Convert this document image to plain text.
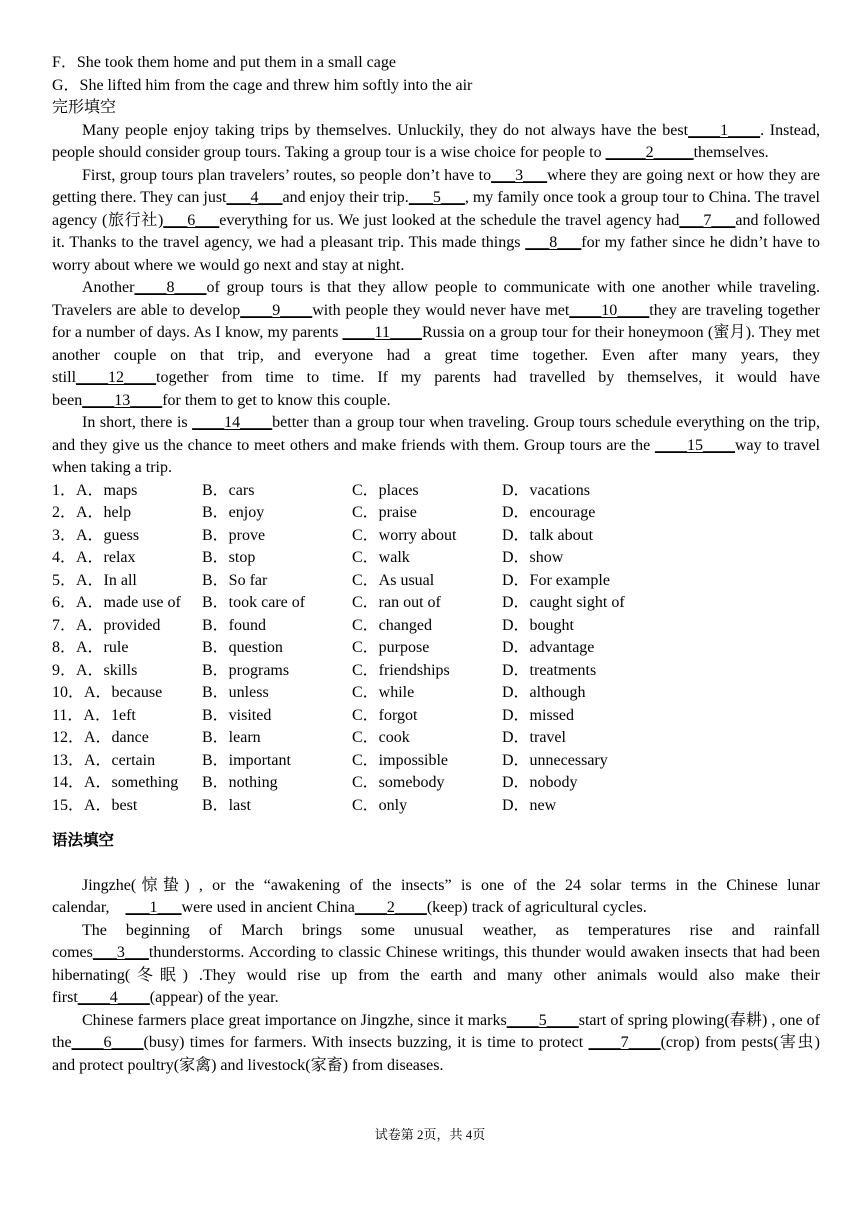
F．She took them home and put them in a small cage
G．She lifted him from the cage and threw him softly into the air
完形填空
Many people enjoy taking trips by themselves. Unluckily, they do not always have the best____1____. Instead, people should consider group tours. Taking a group tour is a wise choice for people to _____2_____themselves.
First, group tours plan travelers’ routes, so people don’t have to___3___where they are going next or how they are getting there. They can just___4___and enjoy their trip.___5___, my family once took a group tour to China. The travel agency (旅行社)___6___everything for us. We just looked at the schedule the travel agency had___7___and followed it. Thanks to the travel agency, we had a pleasant trip. This made things ___8___for my father since he didn’t have to worry about where we would go next and stay at night.
Another____8____of group tours is that they allow people to communicate with one another while traveling. Travelers are able to develop____9____with people they would never have met____10____they are traveling together for a number of days. As I know, my parents ____11____Russia on a group tour for their honeymoon (蜜月). They met another couple on that trip, and everyone had a great time together. Even after many years, they still____12____together from time to time. If my parents had travelled by themselves, it would have been____13____for them to get to know this couple.
In short, there is ____14____better than a group tour when traveling. Group tours schedule everything on the trip, and they give us the chance to meet others and make friends with them. Group tours are the ____15____way to travel when taking a trip.
1．A．maps	B．cars	C．places	D．vacations
2．A．help	B．enjoy	C．praise	D．encourage
3．A．guess	B．prove	C．worry about	D．talk about
4．A．relax	B．stop	C．walk	D．show
5．A．In all	B．So far	C．As usual	D．For example
6．A．made use of	B．took care of	C．ran out of	D．caught sight of
7．A．provided	B．found	C．changed	D．bought
8．A．rule	B．question	C．purpose	D．advantage
9．A．skills	B．programs	C．friendships	D．treatments
10．A．because	B．unless	C．while	D．although
11．A．1eft	B．visited	C．forgot	D．missed
12．A．dance	B．learn	C．cook	D．travel
13．A．certain	B．important	C．impossible	D．unnecessary
14．A．something	B．nothing	C．somebody	D．nobody
15．A．best	B．last	C．only	D．new
语法填空
Jingzhe(惊蛰) , or the “awakening of the insects” is one of the 24 solar terms in the Chinese lunar calendar,    ___1___were used in ancient China____2____(keep) track of agricultural cycles.
The beginning of March brings some unusual weather, as temperatures rise and rainfall comes___3___thunderstorms. According to classic Chinese writings, this thunder would awaken insects that had been hibernating(冬眠) .They would rise up from the earth and many other animals would also make their first____4____(appear) of the year.
Chinese farmers place great importance on Jingzhe, since it marks____5____start of spring plowing(春耕) , one of the____6____(busy) times for farmers. With insects buzzing, it is time to protect ____7____(crop) from pests(害虫) and protect poultry(家禽) and livestock(家畜) from diseases.
试卷第 2页，共 4页
